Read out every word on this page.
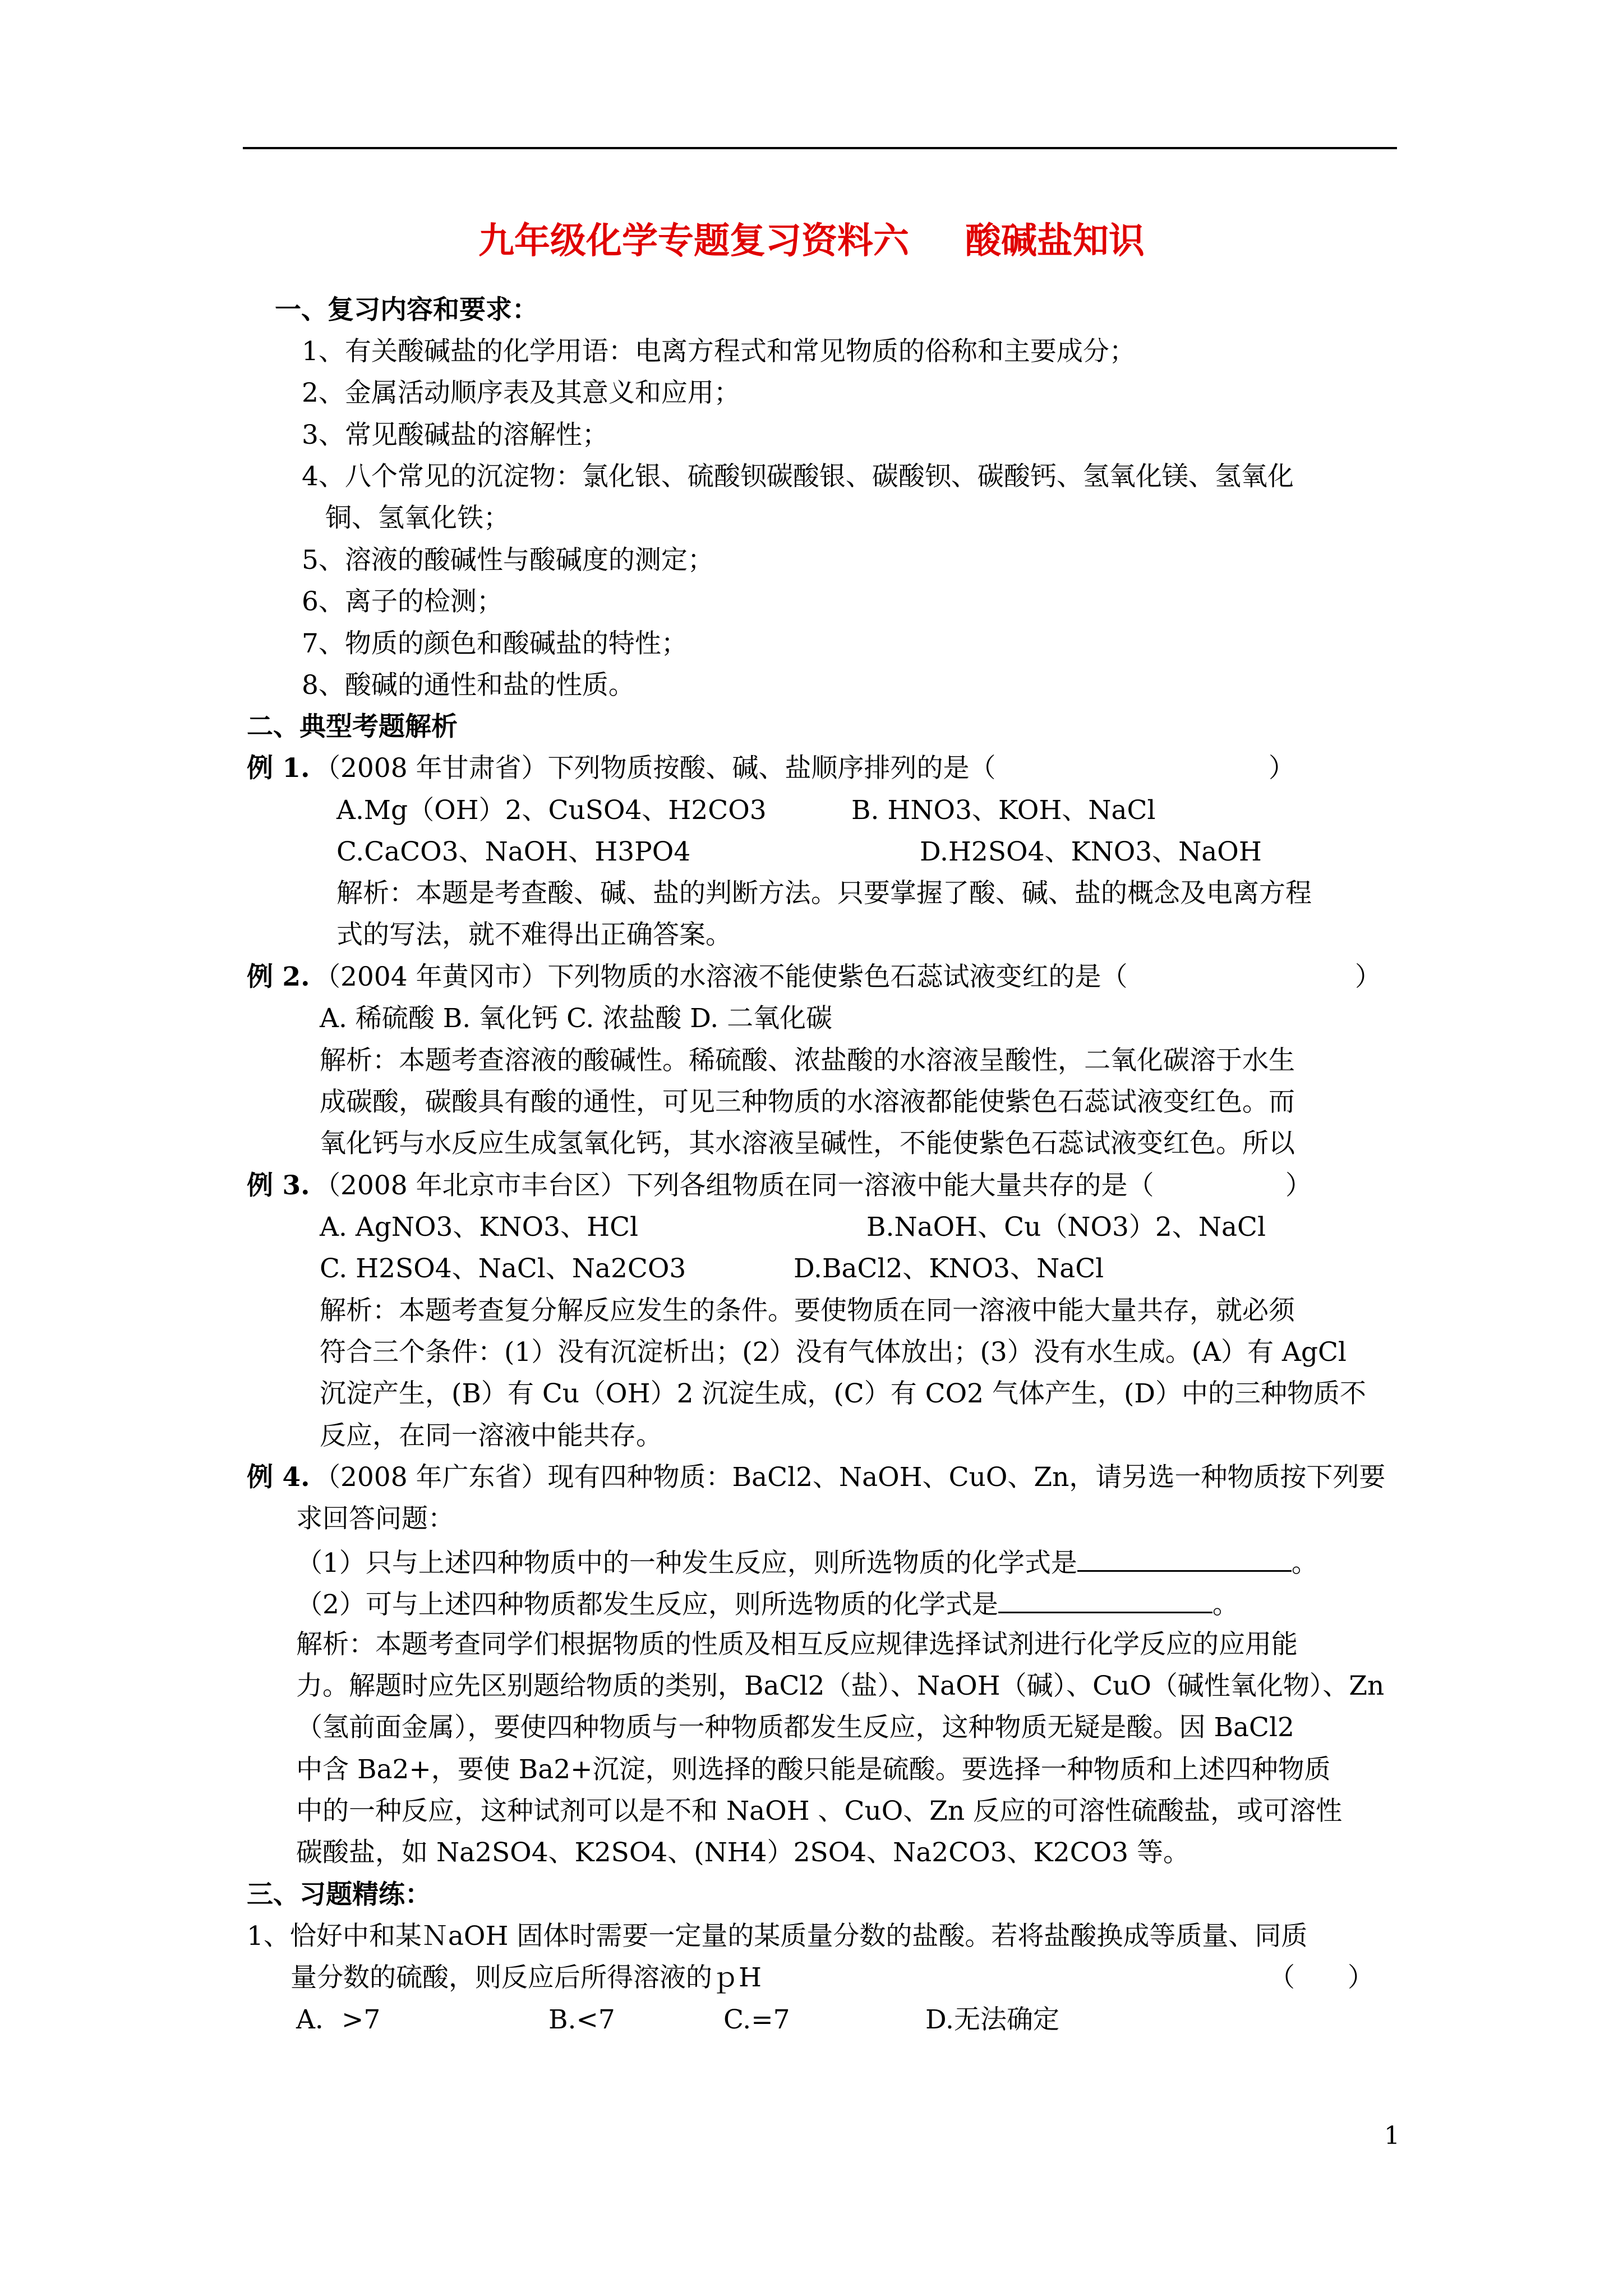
九年级化学专题复习资料六 酸碱盐知识
一、复习内容和要求：
1、有关酸碱盐的化学用语：电离方程式和常见物质的俗称和主要成分；
2、金属活动顺序表及其意义和应用；
3、常见酸碱盐的溶解性；
4、八个常见的沉淀物：氯化银、硫酸钡碳酸银、碳酸钡、碳酸钙、氢氧化镁、氢氧化
铜、氢氧化铁；
5、溶液的酸碱性与酸碱度的测定；
6、离子的检测；
7、物质的颜色和酸碱盐的特性；
8、酸碱的通性和盐的性质。
二、典型考题解析
例 1. （2008 年甘肃省）下列物质按酸、碱、盐顺序排列的是（	）
A.Mg（OH）2、CuSO4、H2CO3	B. HNO3、KOH、NaCl
C.CaCO3、NaOH、H3PO4	D.H2SO4、KNO3、NaOH
解析：本题是考查酸、碱、盐的判断方法。只要掌握了酸、碱、盐的概念及电离方程
式的写法，就不难得出正确答案。
例 2. （2004 年黄冈市）下列物质的水溶液不能使紫色石蕊试液变红的是（	）
A. 稀硫酸 B. 氧化钙 C. 浓盐酸 D. 二氧化碳
解析：本题考查溶液的酸碱性。稀硫酸、浓盐酸的水溶液呈酸性，二氧化碳溶于水生
成碳酸，碳酸具有酸的通性，可见三种物质的水溶液都能使紫色石蕊试液变红色。而
氧化钙与水反应生成氢氧化钙，其水溶液呈碱性，不能使紫色石蕊试液变红色。所以
例 3. （2008 年北京市丰台区）下列各组物质在同一溶液中能大量共存的是（	）
A. AgNO3、KNO3、HCl	B.NaOH、Cu（NO3）2、NaCl
C. H2SO4、NaCl、Na2CO3	D.BaCl2、KNO3、NaCl
解析：本题考查复分解反应发生的条件。要使物质在同一溶液中能大量共存，就必须
符合三个条件：(1）没有沉淀析出；(2）没有气体放出；(3）没有水生成。(A）有 AgCl
沉淀产生，(B）有 Cu（OH）2 沉淀生成，(C）有 CO2 气体产生，(D）中的三种物质不
反应，在同一溶液中能共存。
例 4. （2008 年广东省）现有四种物质：BaCl2、NaOH、CuO、Zn，请另选一种物质按下列要
求回答问题：
（1）只与上述四种物质中的一种发生反应，则所选物质的化学式是	。
（2）可与上述四种物质都发生反应，则所选物质的化学式是	。
解析：本题考查同学们根据物质的性质及相互反应规律选择试剂进行化学反应的应用能
力。解题时应先区别题给物质的类别，BaCl2（盐）、NaOH（碱）、CuO（碱性氧化物）、Zn
（氢前面金属），要使四种物质与一种物质都发生反应，这种物质无疑是酸。因 BaCl2
中含 Ba2+，要使 Ba2+沉淀，则选择的酸只能是硫酸。要选择一种物质和上述四种物质
中的一种反应，这种试剂可以是不和 NaOH 、CuO、Zn 反应的可溶性硫酸盐，或可溶性
碳酸盐，如 Na2SO4、K2SO4、(NH4）2SO4、Na2CO3、K2CO3 等。
三、习题精练：
1、恰好中和某ＮaOH 固体时需要一定量的某质量分数的盐酸。若将盐酸换成等质量、同质
量分数的硫酸，则反应后所得溶液的ｐH	（　　）
A．>7	B.<7	C.=7	D.无法确定
1
